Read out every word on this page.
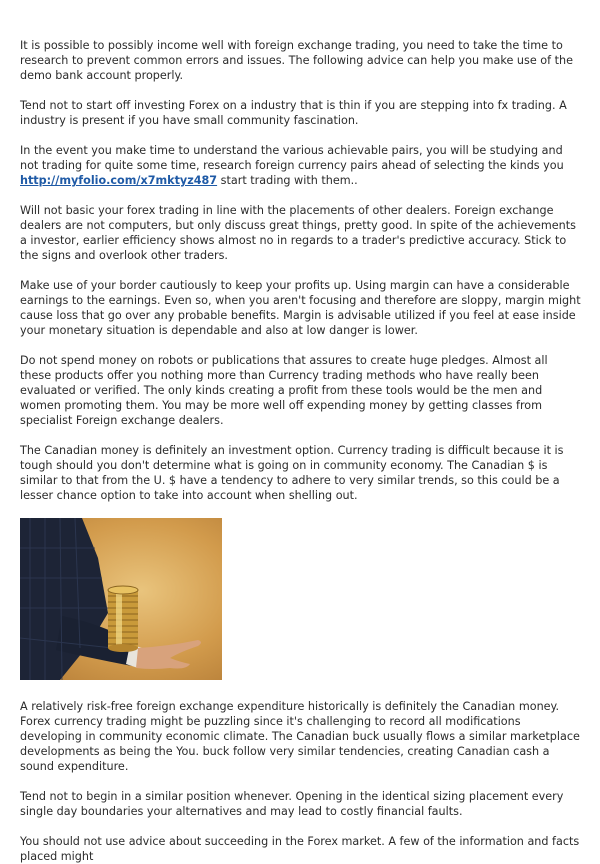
It is possible to possibly income well with foreign exchange trading, you need to take the time to research to prevent common errors and issues. The following advice can help you make use of the demo bank account properly.

Tend not to start off investing Forex on a industry that is thin if you are stepping into fx trading. A industry is present if you have small community fascination.

In the event you make time to understand the various achievable pairs, you will be studying and not trading for quite some time, research foreign currency pairs ahead of selecting the kinds you http://myfolio.com/x7mktyz487 start trading with them..

Will not basic your forex trading in line with the placements of other dealers. Foreign exchange dealers are not computers, but only discuss great things, pretty good. In spite of the achievements a investor, earlier efficiency shows almost no in regards to a trader's predictive accuracy. Stick to the signs and overlook other traders.

Make use of your border cautiously to keep your profits up. Using margin can have a considerable earnings to the earnings. Even so, when you aren't focusing and therefore are sloppy, margin might cause loss that go over any probable benefits. Margin is advisable utilized if you feel at ease inside your monetary situation is dependable and also at low danger is lower.

Do not spend money on robots or publications that assures to create huge pledges. Almost all these products offer you nothing more than Currency trading methods who have really been evaluated or verified. The only kinds creating a profit from these tools would be the men and women promoting them. You may be more well off expending money by getting classes from specialist Foreign exchange dealers.

The Canadian money is definitely an investment option. Currency trading is difficult because it is tough should you don't determine what is going on in community economy. The Canadian $ is similar to that from the U. $ have a tendency to adhere to very similar trends, so this could be a lesser chance option to take into account when shelling out.

A relatively risk-free foreign exchange expenditure historically is definitely the Canadian money. Forex currency trading might be puzzling since it's challenging to record all modifications developing in community economic climate. The Canadian buck usually flows a similar marketplace developments as being the You. buck follow very similar tendencies, creating Canadian cash a sound expenditure.

Tend not to begin in a similar position whenever. Opening in the identical sizing placement every single day boundaries your alternatives and may lead to costly financial faults.

You should not use advice about succeeding in the Forex market. A few of the information and facts placed might
